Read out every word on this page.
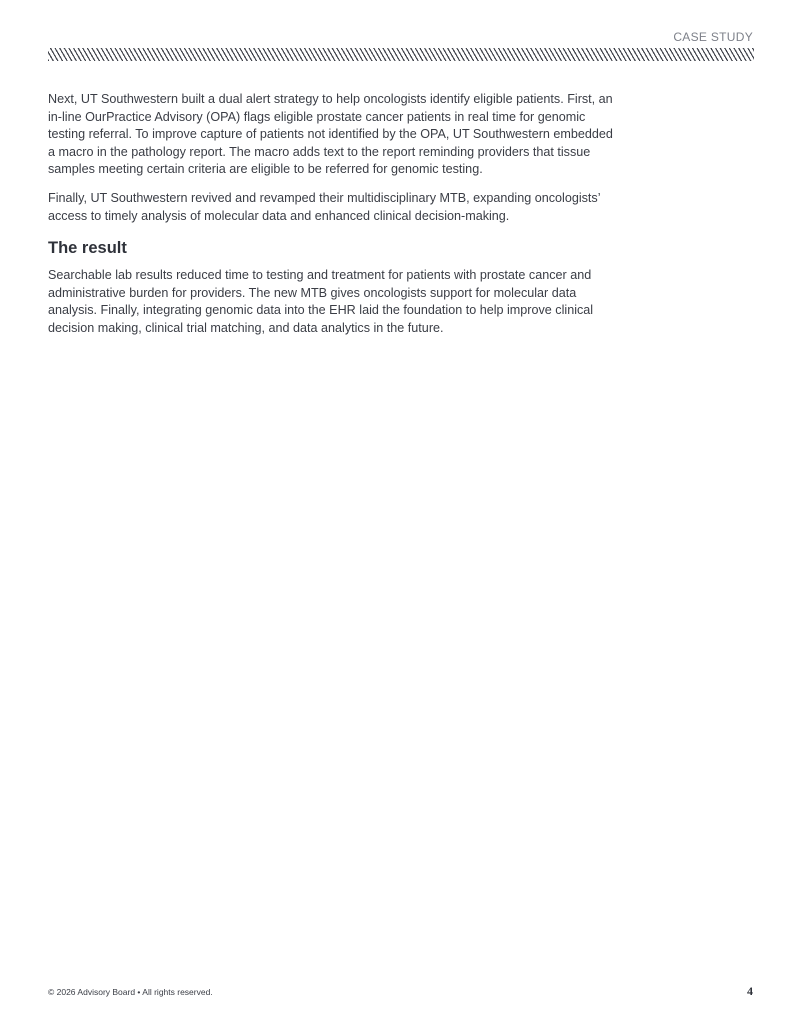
CASE STUDY

Next, UT Southwestern built a dual alert strategy to help oncologists identify eligible patients. First, an in-line OurPractice Advisory (OPA) flags eligible prostate cancer patients in real time for genomic testing referral. To improve capture of patients not identified by the OPA, UT Southwestern embedded a macro in the pathology report. The macro adds text to the report reminding providers that tissue samples meeting certain criteria are eligible to be referred for genomic testing.

Finally, UT Southwestern revived and revamped their multidisciplinary MTB, expanding oncologists’ access to timely analysis of molecular data and enhanced clinical decision-making.

The result

Searchable lab results reduced time to testing and treatment for patients with prostate cancer and administrative burden for providers. The new MTB gives oncologists support for molecular data analysis. Finally, integrating genomic data into the EHR laid the foundation to help improve clinical decision making, clinical trial matching, and data analytics in the future.

© 2026 Advisory Board • All rights reserved.	4
